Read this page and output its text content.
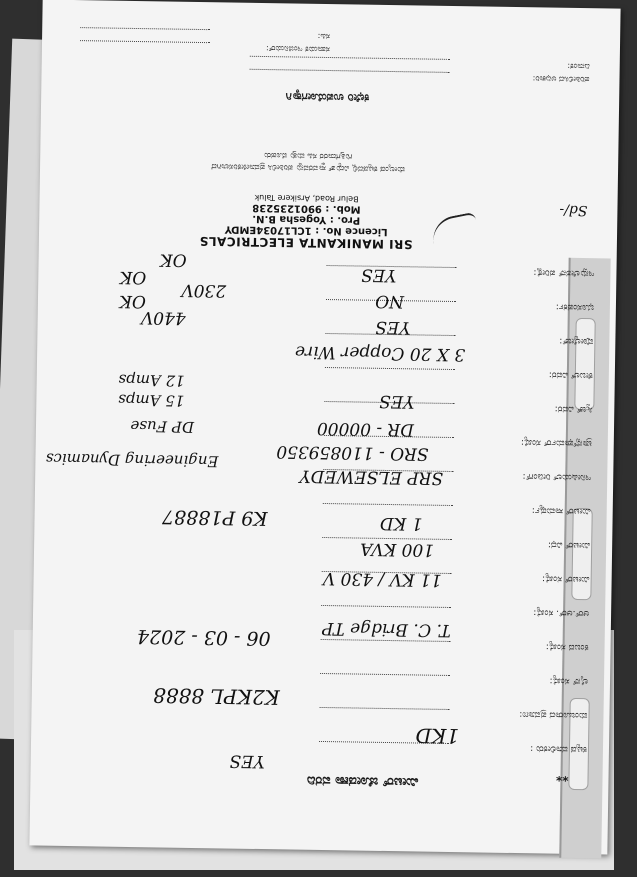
**
ಮೀಟರ್ ಜೋಡಣಾ ವರದಿ
ಕಟ್ಟಡ ಮಾಲೀಕರು :
ಮಂಜೂರಾದ ಪ್ರಮಾಣ:
ಲೈನ್ ಸಂಖ್ಯೆ:
ಕಂಬದ ಸಂಖ್ಯೆ:
ಆರ್.ಆರ್. ಸಂಖ್ಯೆ:
ಮೀಟರ್ ಸಂಖ್ಯೆ:
ಮೀಟರ್ ವಿಧ:
ಮೀಟರ್ ಸಾಮರ್ಥ್ಯ:
ಇನೀಷಿಯಲ್ ರೀಡಿಂಗ್:
ಟ್ರಾನ್ಸ್‌ಫಾರ್ಮರ್ ಸಂಖ್ಯೆ:
ಸ್ವಿಚ್ ವಿವರ:
ಕೇಬಲ್ ವಿವರ:
ವೋಲ್ಟೇಜ್:
ಭೂಸಂಪರ್ಕ:
ಇನ್ಸುಲೇಶನ್ ಪರೀಕ್ಷೆ:
YES
1KD
K2KPL 8888
06 - 03 - 2024	T. C. Bridge TP
11 KV / 430 V
100 KVA
1 KD
K9 P18887
SRP ELSEWEDY
SRO - 110859350
DR - 00000
Engineering Dynamics
DP Fuse
15 Amps
12 Amps
YES
3 X 20 Copper Wire
YES
NO
440V
OK
230V
OK	YES
OK
SRI MANIKANTA ELECTRICALS
Licence No. : 1CL17034EMDY
Pro. : Yogesha B.N.
Mob. : 9901235238
Belur Road, Arsikere Taluk
Sd/-
ಮೇಲ್ಕಂಡ ಕಟ್ಟಡದಲ್ಲಿ ವಿದ್ಯುತ್ ಸ್ಥಾವರವನ್ನು ಪರಿಶೀಲಿಸಿ ಪ್ರಮಾಣೀಕರಿಸಲಾಗಿದೆ
ಗುತ್ತಿಗೆದಾರರ ಸಹಿ ಮತ್ತು ಮೊಹರು
ಕಛೇರಿ ಉಪಯೋಗಕ್ಕಾಗಿ
ಪರಿಶೀಲಿಸಿದ ಅಧಿಕಾರಿ:
ದಿನಾಂಕ:
ಸಹಾಯಕ ಇಂಜಿನಿಯರ್:
ಸಹಿ:
